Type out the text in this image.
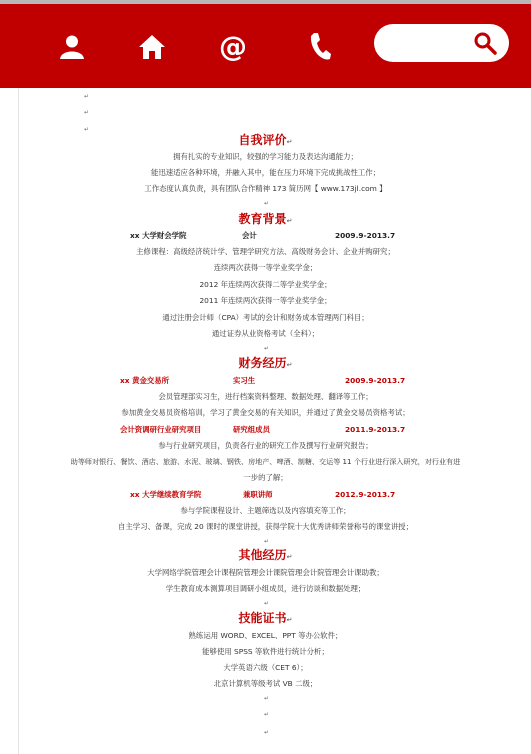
@
↵
↵
↵
自我评价↵
拥有扎实的专业知识，较强的学习能力及表达沟通能力；
能迅速适应各种环境，并融入其中，能在压力环境下完成挑战性工作；
工作态度认真负责，具有团队合作精神 173 简历网【 www.173jl.com 】
↵
教育背景↵
xx 大学财会学院	会计	2009.9-2013.7
主修课程：高级经济统计学、管理学研究方法、高级财务会计、企业并购研究；
连续两次获得一等学业奖学金；
2012 年连续两次获得二等学业奖学金；
2011 年连续两次获得一等学业奖学金；
通过注册会计师（CPA）考试的会计和财务成本管理两门科目；
通过证券从业资格考试（全科）；
↵
财务经历↵
xx 黄金交易所	实习生	2009.9-2013.7
会员管理部实习生，进行档案资料整理、数据处理、翻译等工作；
参加黄金交易员资格培训，学习了黄金交易的有关知识，并通过了黄金交易员资格考试；
会计资调研行业研究项目	研究组成员	2011.9-2013.7
参与行业研究项目，负责各行业的研究工作及撰写行业研究报告；
助等师对银行、餐饮、酒店、旅游、水泥、玻璃、钢铁、房地产、啤酒、制糖、交运等 11 个行业进行深入研究，对行业有进
一步的了解；
xx 大学继续教育学院	兼职讲师	2012.9-2013.7
参与学院课程设计、主题筛选以及内容填充等工作；
自主学习、备课，完成 20 课时的课堂讲授，获得学院十大优秀讲师荣誉称号的课堂讲授；
↵
其他经历↵
大学网络学院管理会计课程院管理会计课院管理会计院管理会计课助教；
学生教育成本测算项目调研小组成员，进行访谈和数据处理；
↵
技能证书↵
熟练运用 WORD、EXCEL、PPT 等办公软件；
能够使用 SPSS 等软件进行统计分析；
大学英语六级（CET 6）；
北京计算机等级考试 VB 二级；
↵
↵
↵
